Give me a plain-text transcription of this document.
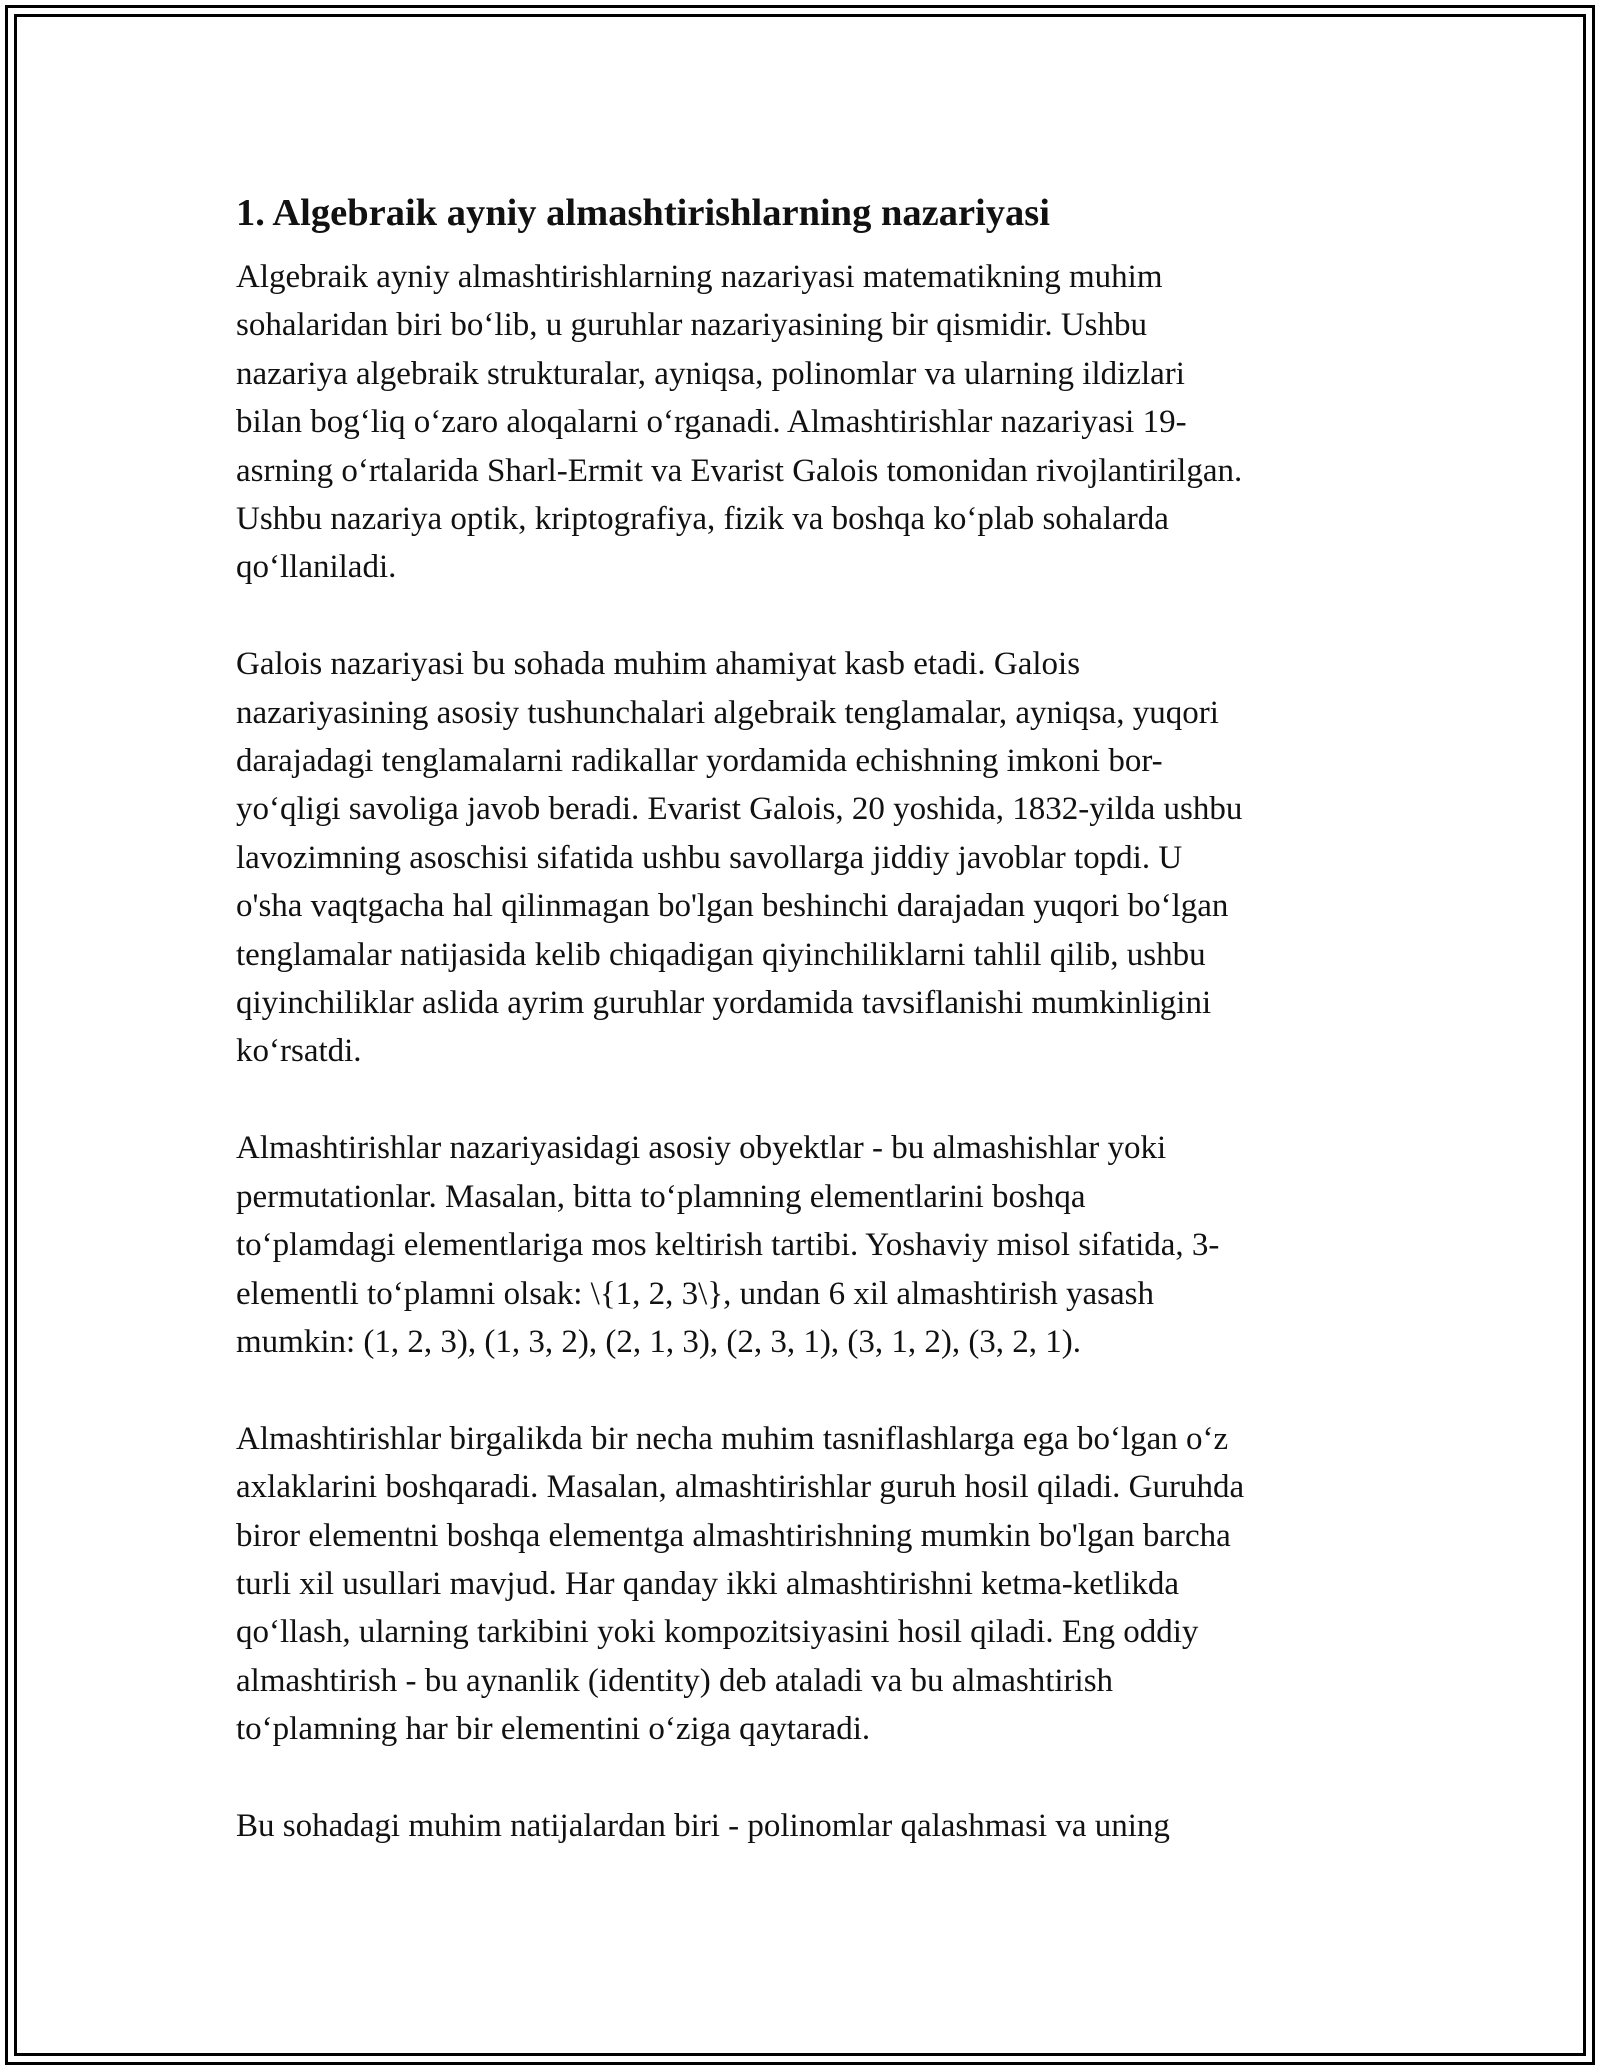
1. Algebraik ayniy almashtirishlarning nazariyasi

Algebraik ayniy almashtirishlarning nazariyasi matematikning muhim
sohalaridan biri bo‘lib, u guruhlar nazariyasining bir qismidir. Ushbu
nazariya algebraik strukturalar, ayniqsa, polinomlar va ularning ildizlari
bilan bog‘liq o‘zaro aloqalarni o‘rganadi. Almashtirishlar nazariyasi 19-
asrning o‘rtalarida Sharl-Ermit va Evarist Galois tomonidan rivojlantirilgan.
Ushbu nazariya optik, kriptografiya, fizik va boshqa ko‘plab sohalarda
qo‘llaniladi.

Galois nazariyasi bu sohada muhim ahamiyat kasb etadi. Galois
nazariyasining asosiy tushunchalari algebraik tenglamalar, ayniqsa, yuqori
darajadagi tenglamalarni radikallar yordamida echishning imkoni bor-
yo‘qligi savoliga javob beradi. Evarist Galois, 20 yoshida, 1832-yilda ushbu
lavozimning asoschisi sifatida ushbu savollarga jiddiy javoblar topdi. U
o'sha vaqtgacha hal qilinmagan bo'lgan beshinchi darajadan yuqori bo‘lgan
tenglamalar natijasida kelib chiqadigan qiyinchiliklarni tahlil qilib, ushbu
qiyinchiliklar aslida ayrim guruhlar yordamida tavsiflanishi mumkinligini
ko‘rsatdi.

Almashtirishlar nazariyasidagi asosiy obyektlar - bu almashishlar yoki
permutationlar. Masalan, bitta to‘plamning elementlarini boshqa
to‘plamdagi elementlariga mos keltirish tartibi. Yoshaviy misol sifatida, 3-
elementli to‘plamni olsak: \{1, 2, 3\}, undan 6 xil almashtirish yasash
mumkin: (1, 2, 3), (1, 3, 2), (2, 1, 3), (2, 3, 1), (3, 1, 2), (3, 2, 1).

Almashtirishlar birgalikda bir necha muhim tasniflashlarga ega bo‘lgan o‘z
axlaklarini boshqaradi. Masalan, almashtirishlar guruh hosil qiladi. Guruhda
biror elementni boshqa elementga almashtirishning mumkin bo'lgan barcha
turli xil usullari mavjud. Har qanday ikki almashtirishni ketma-ketlikda
qo‘llash, ularning tarkibini yoki kompozitsiyasini hosil qiladi. Eng oddiy
almashtirish - bu aynanlik (identity) deb ataladi va bu almashtirish
to‘plamning har bir elementini o‘ziga qaytaradi.

Bu sohadagi muhim natijalardan biri - polinomlar qalashmasi va uning
